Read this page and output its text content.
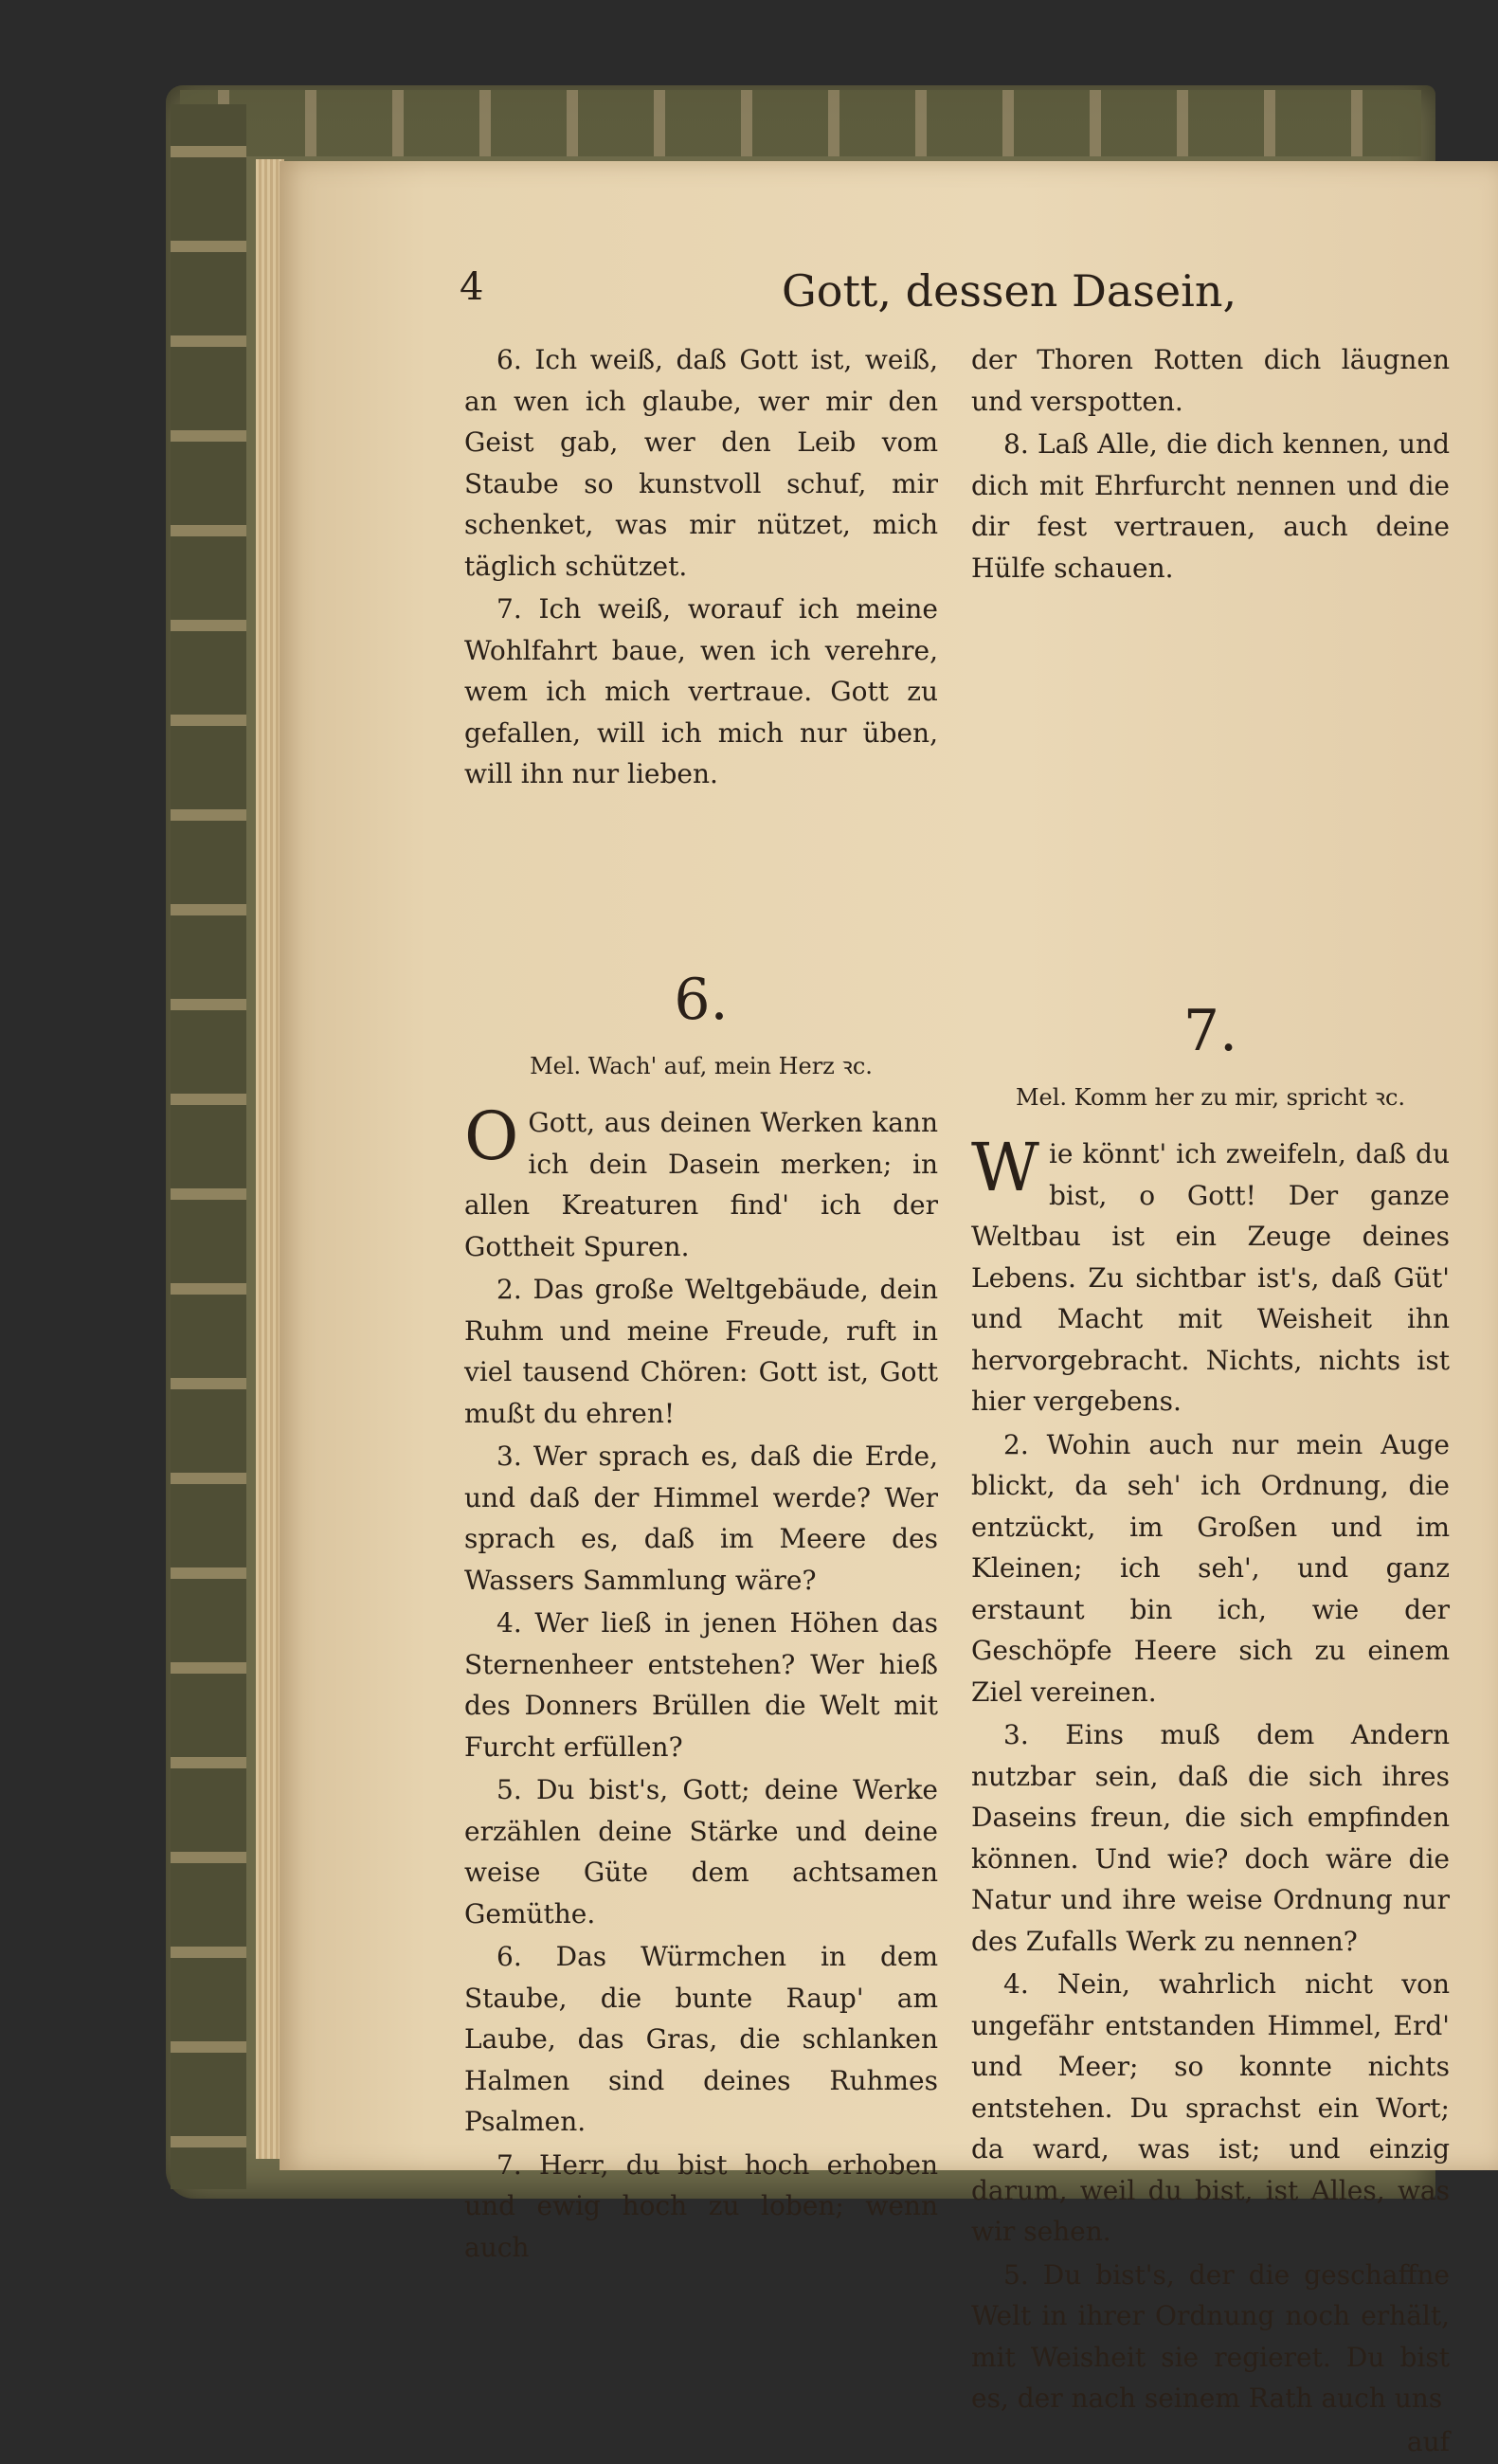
4	Gott, dessen Dasein,

6. Ich weiß, daß Gott ist, weiß, an wen ich glaube, wer mir den Geist gab, wer den Leib vom Staube so kunstvoll schuf, mir schenket, was mir nützet, mich täglich schützet.

7. Ich weiß, worauf ich meine Wohlfahrt baue, wen ich verehre, wem ich mich vertraue. Gott zu gefallen, will ich mich nur üben, will ihn nur lieben.

6.

Mel. Wach' auf, mein Herz ꝛc.

O Gott, aus deinen Werken kann ich dein Dasein merken; in allen Kreaturen find' ich der Gottheit Spuren.

2. Das große Weltgebäude, dein Ruhm und meine Freude, ruft in viel tausend Chören: Gott ist, Gott mußt du ehren!

3. Wer sprach es, daß die Erde, und daß der Himmel werde? Wer sprach es, daß im Meere des Wassers Sammlung wäre?

4. Wer ließ in jenen Höhen das Sternenheer entstehen? Wer hieß des Donners Brüllen die Welt mit Furcht erfüllen?

5. Du bist's, Gott; deine Werke erzählen deine Stärke und deine weise Güte dem achtsamen Gemüthe.

6. Das Würmchen in dem Staube, die bunte Raup' am Laube, das Gras, die schlanken Halmen sind deines Ruhmes Psalmen.

7. Herr, du bist hoch erhoben und ewig hoch zu loben; wenn auch

der Thoren Rotten dich läugnen und verspotten.

8. Laß Alle, die dich kennen, und dich mit Ehrfurcht nennen und die dir fest vertrauen, auch deine Hülfe schauen.

7.

Mel. Komm her zu mir, spricht ꝛc.

W ie könnt' ich zweifeln, daß du bist, o Gott! Der ganze Weltbau ist ein Zeuge deines Lebens. Zu sichtbar ist's, daß Güt' und Macht mit Weisheit ihn hervorgebracht. Nichts, nichts ist hier vergebens.

2. Wohin auch nur mein Auge blickt, da seh' ich Ordnung, die entzückt, im Großen und im Kleinen; ich seh', und ganz erstaunt bin ich, wie der Geschöpfe Heere sich zu einem Ziel vereinen.

3. Eins muß dem Andern nutzbar sein, daß die sich ihres Daseins freun, die sich empfinden können. Und wie? doch wäre die Natur und ihre weise Ordnung nur des Zufalls Werk zu nennen?

4. Nein, wahrlich nicht von ungefähr entstanden Himmel, Erd' und Meer; so konnte nichts entstehen. Du sprachst ein Wort; da ward, was ist; und einzig darum, weil du bist, ist Alles, was wir sehen.

5. Du bist's, der die geschaffne Welt in ihrer Ordnung noch erhält, mit Weisheit sie regieret. Du bist es, der nach seinem Rath auch uns

auf
